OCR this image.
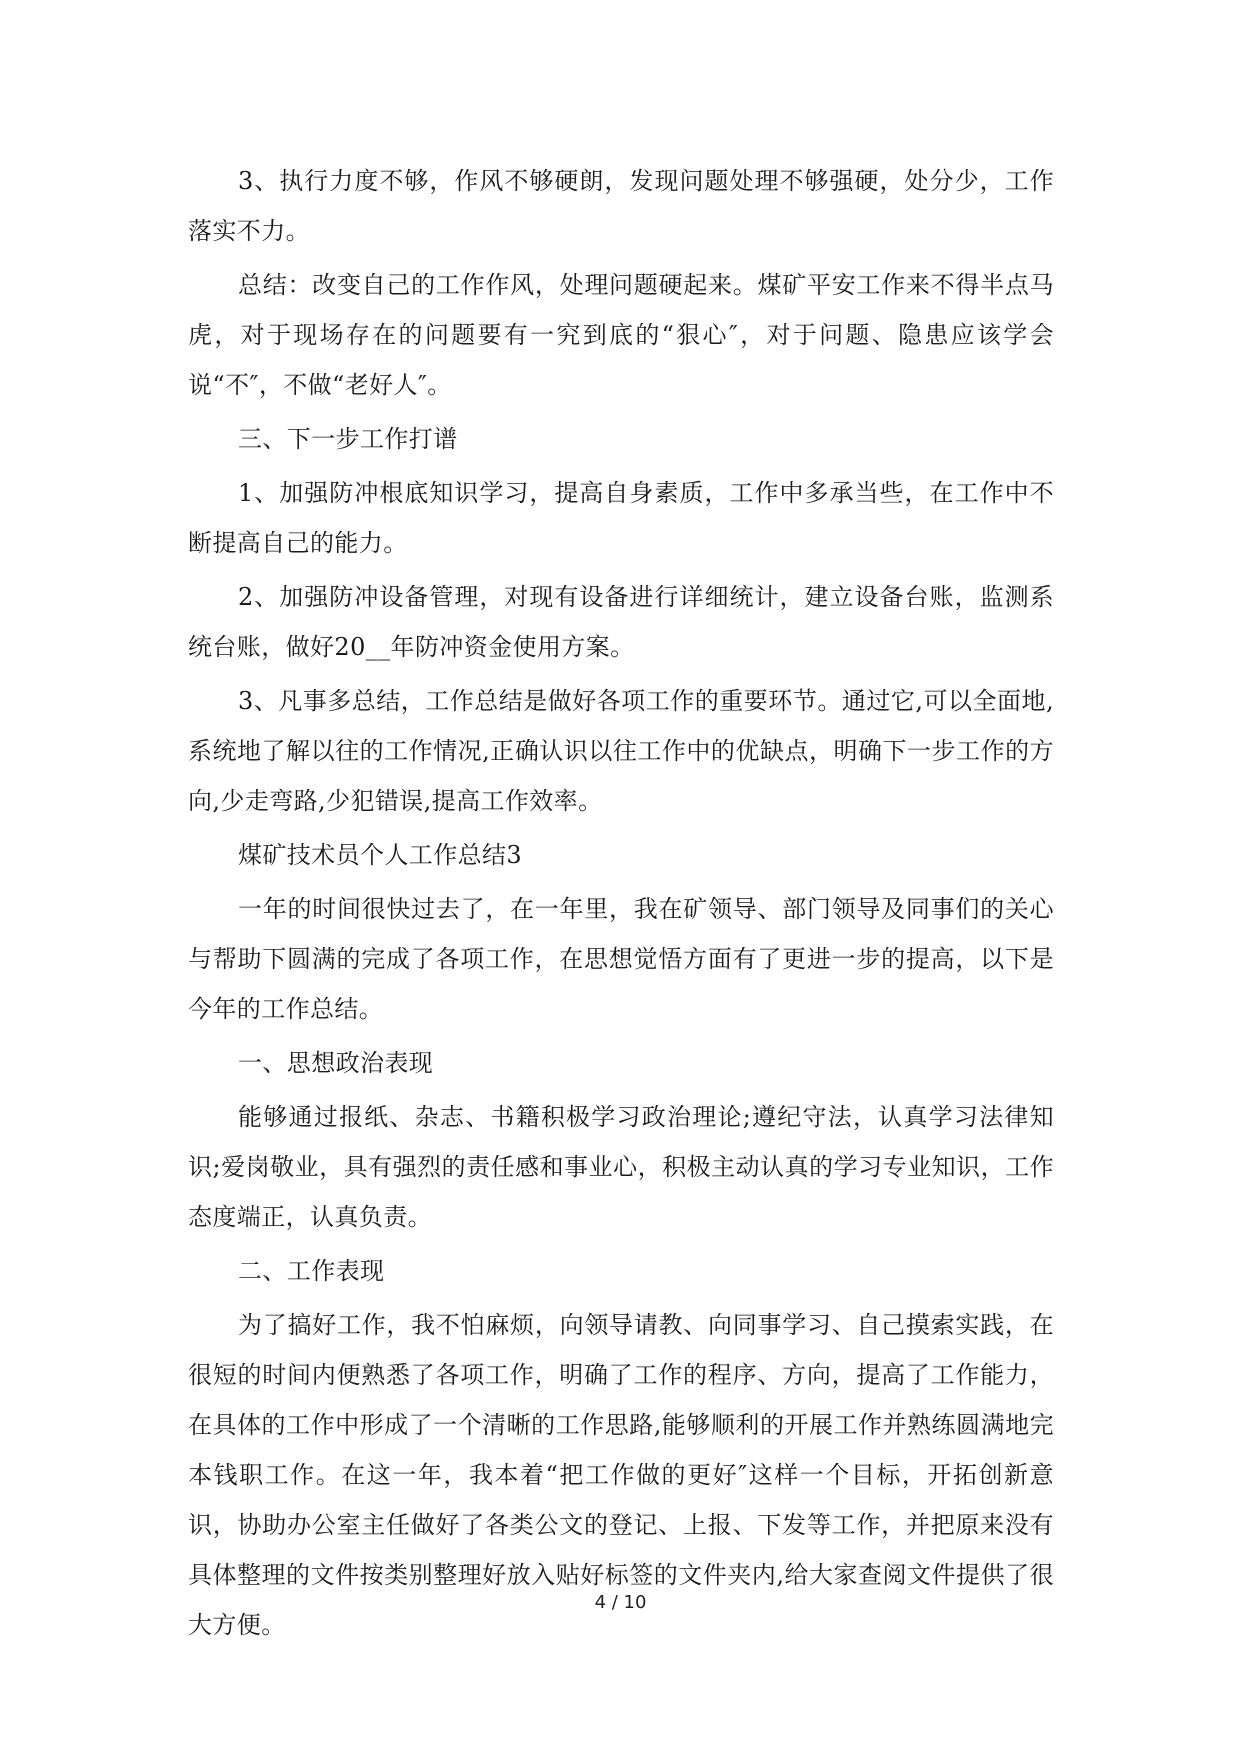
3、执行力度不够，作风不够硬朗，发现问题处理不够强硬，处分少，工作落实不力。

总结：改变自己的工作作风，处理问题硬起来。煤矿平安工作来不得半点马虎，对于现场存在的问题要有一究到底的“狠心″，对于问题、隐患应该学会说“不″，不做“老好人″。

三、下一步工作打谱

1、加强防冲根底知识学习，提高自身素质，工作中多承当些，在工作中不断提高自己的能力。

2、加强防冲设备管理，对现有设备进行详细统计，建立设备台账，监测系统台账，做好20__年防冲资金使用方案。

3、凡事多总结，工作总结是做好各项工作的重要环节。通过它,可以全面地,系统地了解以往的工作情况,正确认识以往工作中的优缺点，明确下一步工作的方向,少走弯路,少犯错误,提高工作效率。

煤矿技术员个人工作总结3

一年的时间很快过去了，在一年里，我在矿领导、部门领导及同事们的关心与帮助下圆满的完成了各项工作，在思想觉悟方面有了更进一步的提高，以下是今年的工作总结。

一、思想政治表现

能够通过报纸、杂志、书籍积极学习政治理论;遵纪守法，认真学习法律知识;爱岗敬业，具有强烈的责任感和事业心，积极主动认真的学习专业知识，工作态度端正，认真负责。

二、工作表现

为了搞好工作，我不怕麻烦，向领导请教、向同事学习、自己摸索实践，在很短的时间内便熟悉了各项工作，明确了工作的程序、方向，提高了工作能力，在具体的工作中形成了一个清晰的工作思路,能够顺利的开展工作并熟练圆满地完本钱职工作。在这一年，我本着“把工作做的更好″这样一个目标，开拓创新意识，协助办公室主任做好了各类公文的登记、上报、下发等工作，并把原来没有具体整理的文件按类别整理好放入贴好标签的文件夹内,给大家查阅文件提供了很大方便。

4 / 10
